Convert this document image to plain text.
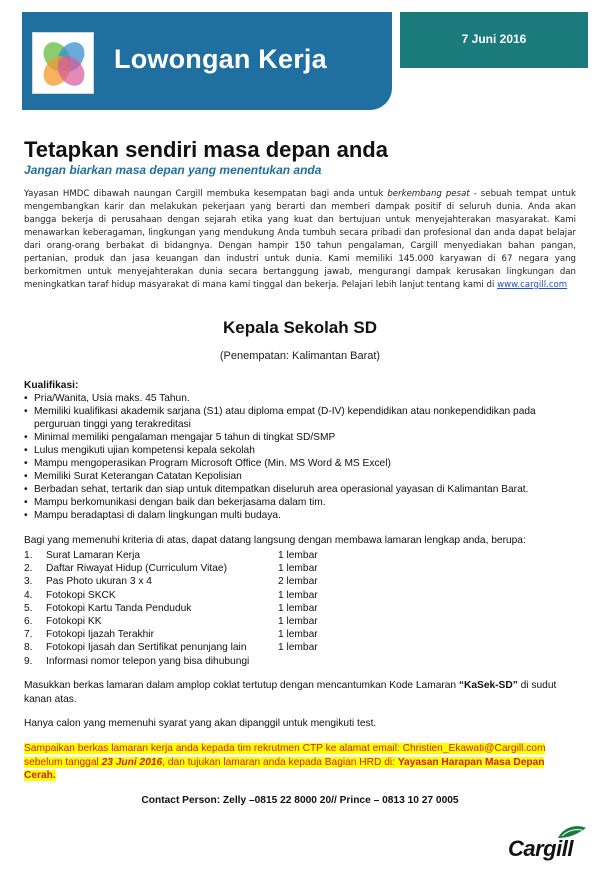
Lowongan Kerja
7 Juni 2016
Tetapkan sendiri masa depan anda
Jangan biarkan masa depan yang menentukan anda
Yayasan HMDC dibawah naungan Cargill membuka kesempatan bagi anda untuk berkembang pesat - sebuah tempat untuk mengembangkan karir dan melakukan pekerjaan yang berarti dan memberi dampak positif di seluruh dunia. Anda akan bangga bekerja di perusahaan dengan sejarah etika yang kuat dan bertujuan untuk menyejahterakan masyarakat. Kami menawarkan keberagaman, lingkungan yang mendukung Anda tumbuh secara pribadi dan profesional dan anda dapat belajar dari orang-orang berbakat di bidangnya. Dengan hampir 150 tahun pengalaman, Cargill menyediakan bahan pangan, pertanian, produk dan jasa keuangan dan industri untuk dunia. Kami memiliki 145.000 karyawan di 67 negara yang berkomitmen untuk menyejahterakan dunia secara bertanggung jawab, mengurangi dampak kerusakan lingkungan dan meningkatkan taraf hidup masyarakat di mana kami tinggal dan bekerja. Pelajari lebih lanjut tentang kami di www.cargill.com
Kepala Sekolah SD
(Penempatan: Kalimantan Barat)
Kualifikasi:
• Pria/Wanita, Usia maks. 45 Tahun.
• Memiliki kualifikasi akademik sarjana (S1) atau diploma empat (D-IV) kependidikan atau nonkependidikan pada perguruan tinggi yang terakreditasi
• Minimal memiliki pengalaman mengajar 5 tahun di tingkat SD/SMP
• Lulus mengikuti ujian kompetensi kepala sekolah
• Mampu mengoperasikan Program Microsoft Office (Min. MS Word & MS Excel)
• Memiliki Surat Keterangan Catatan Kepolisian
• Berbadan sehat, tertarik dan siap untuk ditempatkan diseluruh area operasional yayasan di Kalimantan Barat.
• Mampu berkomunikasi dengan baik dan bekerjasama dalam tim.
• Mampu beradaptasi di dalam lingkungan multi budaya.
Bagi yang memenuhi kriteria di atas, dapat datang langsung dengan membawa lamaran lengkap anda, berupa:
1.	Surat Lamaran Kerja	1 lembar
2.	Daftar Riwayat Hidup (Curriculum Vitae)	1 lembar
3.	Pas Photo ukuran 3 x 4	2 lembar
4.	Fotokopi SKCK	1 lembar
5.	Fotokopi Kartu Tanda Penduduk	1 lembar
6.	Fotokopi KK	1 lembar
7.	Fotokopi Ijazah Terakhir	1 lembar
8.	Fotokopi Ijasah dan Sertifikat penunjang lain	1 lembar
9.	Informasi nomor telepon yang bisa dihubungi
Masukkan berkas lamaran dalam amplop coklat tertutup dengan mencantumkan Kode Lamaran “KaSek-SD” di sudut kanan atas.
Hanya calon yang memenuhi syarat yang akan dipanggil untuk mengikuti test.
Sampaikan berkas lamaran kerja anda kepada tim rekrutmen CTP ke alamat email: Christien_Ekawati@Cargill.com sebelum tanggal 23 Juni 2016, dan tujukan lamaran anda kepada Bagian HRD di: Yayasan Harapan Masa Depan Cerah.
Contact Person: Zelly –0815 22 8000 20// Prince – 0813 10 27 0005
Cargill
